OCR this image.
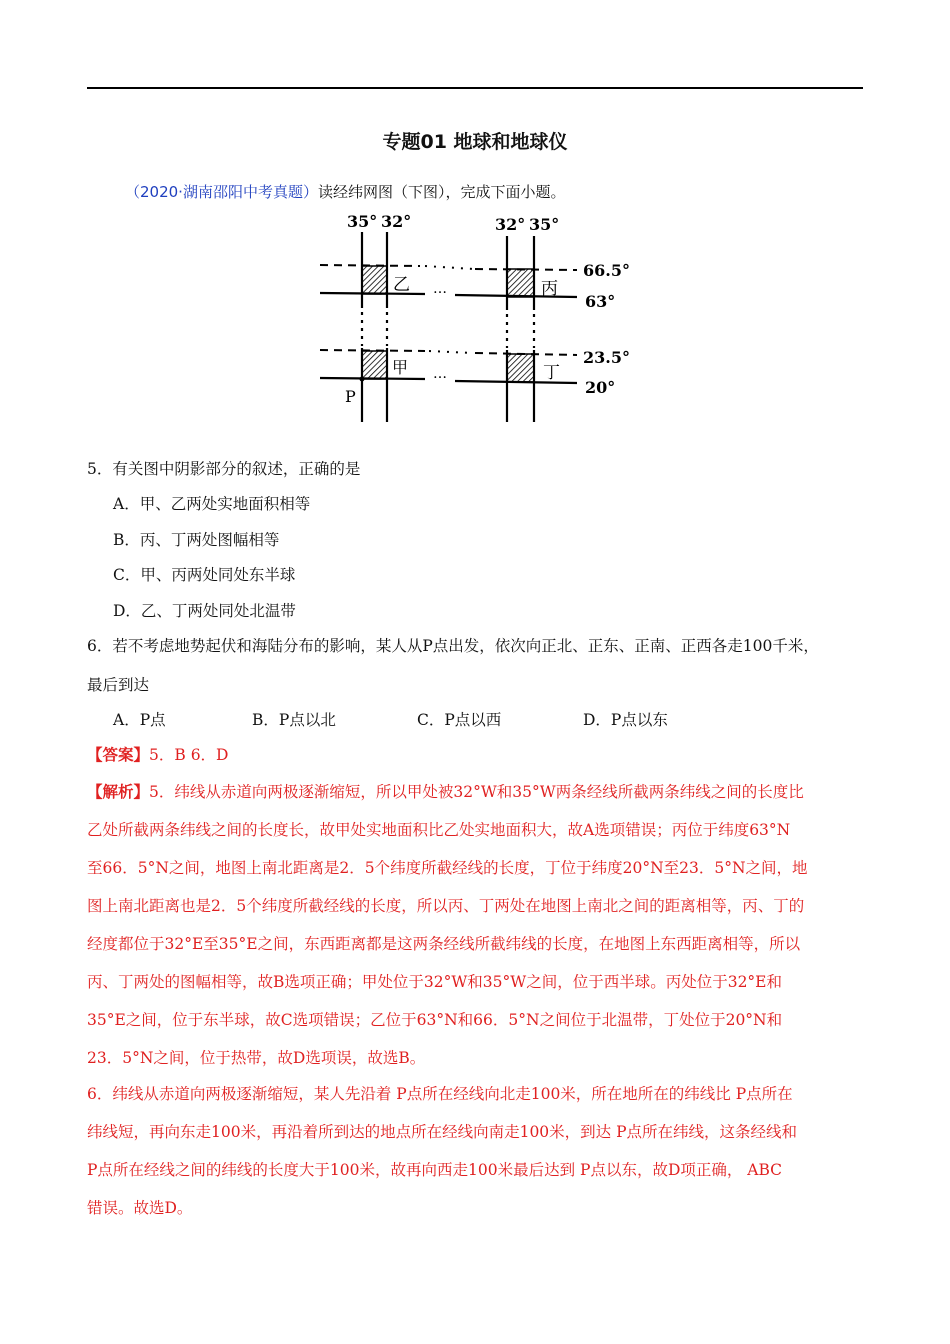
专题01 地球和地球仪
（2020·湖南邵阳中考真题）读经纬网图（下图），完成下面小题。
35° 32°	32° 35°
乙	丙
甲	丁
…
…
66.5°
63°
23.5°
20°
P
5．有关图中阴影部分的叙述，正确的是
A．甲、乙两处实地面积相等
B．丙、丁两处图幅相等
C．甲、丙两处同处东半球
D．乙、丁两处同处北温带
6．若不考虑地势起伏和海陆分布的影响，某人从P点出发，依次向正北、正东、正南、正西各走100千米，
最后到达
A．P点	B．P点以北	C．P点以西	D．P点以东
【答案】5．B 6．D
【解析】5．纬线从赤道向两极逐渐缩短，所以甲处被32°W和35°W两条经线所截两条纬线之间的长度比
乙处所截两条纬线之间的长度长，故甲处实地面积比乙处实地面积大，故A选项错误；丙位于纬度63°N
至66．5°N之间，地图上南北距离是2．5个纬度所截经线的长度，丁位于纬度20°N至23．5°N之间，地
图上南北距离也是2．5个纬度所截经线的长度，所以丙、丁两处在地图上南北之间的距离相等，丙、丁的
经度都位于32°E至35°E之间，东西距离都是这两条经线所截纬线的长度，在地图上东西距离相等，所以
丙、丁两处的图幅相等，故B选项正确；甲处位于32°W和35°W之间，位于西半球。丙处位于32°E和
35°E之间，位于东半球，故C选项错误；乙位于63°N和66．5°N之间位于北温带，丁处位于20°N和
23．5°N之间，位于热带，故D选项误，故选B。
6．纬线从赤道向两极逐渐缩短，某人先沿着 P点所在经线向北走100米，所在地所在的纬线比 P点所在
纬线短，再向东走100米，再沿着所到达的地点所在经线向南走100米，到达 P点所在纬线，这条经线和
P点所在经线之间的纬线的长度大于100米，故再向西走100米最后达到 P点以东，故D项正确， ABC
错误。故选D。
